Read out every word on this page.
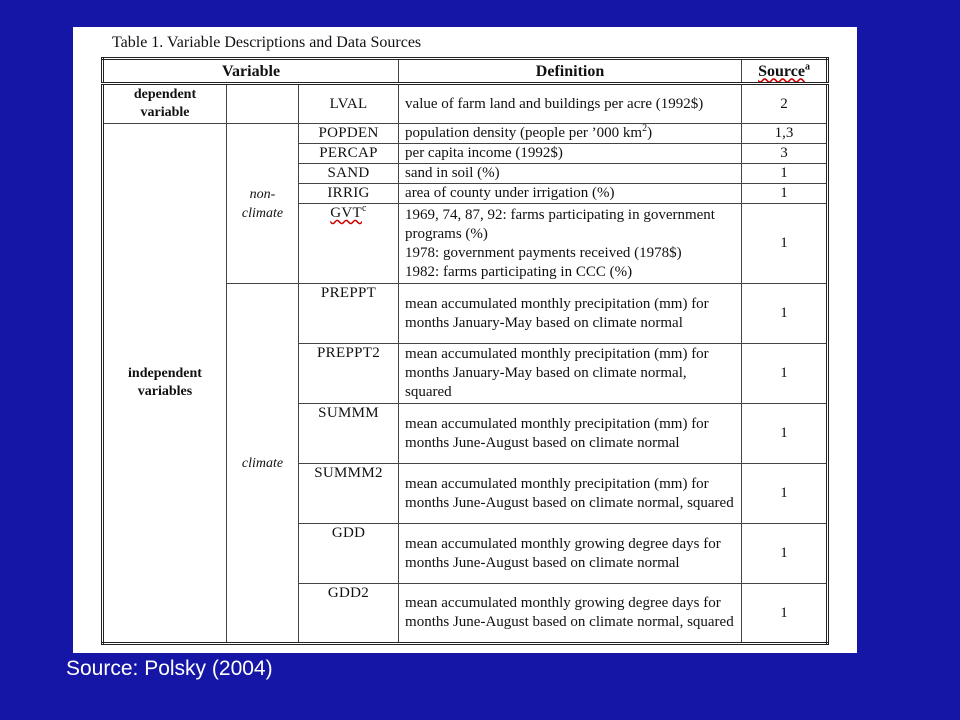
Table 1. Variable Descriptions and Data Sources
Variable			Definition	Source$^a$
dependent variable		LVAL	value of farm land and buildings per acre (1992$)	2
independent variables	non-climate	POPDEN	population density (people per ’000 $km^2$)	1,3
		PERCAP	per capita income (1992$)	3
		SAND	sand in soil (%)	1
		IRRIG	area of county under irrigation (%)	1
		GVT$^c$	1969, 74, 87, 92: farms participating in government programs (%)
1978: government payments received (1978$)
1982: farms participating in CCC (%)	1
	climate	PREPPT	mean accumulated monthly precipitation (mm) for months January-May based on climate normal	1
		PREPPT2	mean accumulated monthly precipitation (mm) for months January-May based on climate normal, squared	1
		SUMMM	mean accumulated monthly precipitation (mm) for months June-August based on climate normal	1
		SUMMM2	mean accumulated monthly precipitation (mm) for months June-August based on climate normal, squared	1
		GDD	mean accumulated monthly growing degree days for months June-August based on climate normal	1
		GDD2	mean accumulated monthly growing degree days for months June-August based on climate normal, squared	1
Source: Polsky (2004)
